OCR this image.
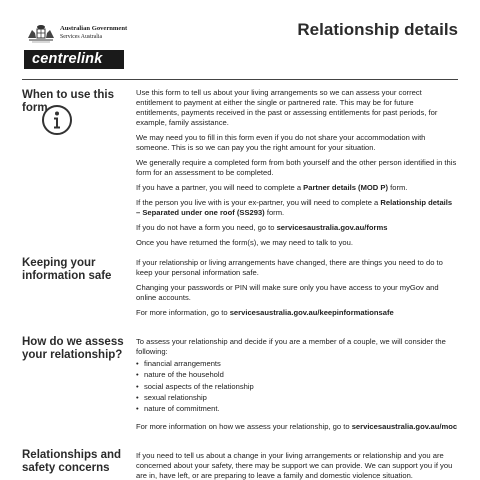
Australian Government
Services Australia
centrelink
Relationship details
When to use this form

Use this form to tell us about your living arrangements so we can assess your correct entitlement to payment at either the single or partnered rate. This may be for future entitlements, payments received in the past or assessing entitlements for past periods, for example, family assistance.

We may need you to fill in this form even if you do not share your accommodation with someone. This is so we can pay you the right amount for your situation.

We generally require a completed form from both yourself and the other person identified in this form for an assessment to be completed.

If you have a partner, you will need to complete a Partner details (MOD P) form.

If the person you live with is your ex-partner, you will need to complete a Relationship details – Separated under one roof (SS293) form.

If you do not have a form you need, go to servicesaustralia.gov.au/forms

Once you have returned the form(s), we may need to talk to you.

Keeping your information safe

If your relationship or living arrangements have changed, there are things you need to do to keep your personal information safe.

Changing your passwords or PIN will make sure only you have access to your myGov and online accounts.

For more information, go to servicesaustralia.gov.au/keepinformationsafe

How do we assess your relationship?

To assess your relationship and decide if you are a member of a couple, we will consider the following:

• financial arrangements
• nature of the household
• social aspects of the relationship
• sexual relationship
• nature of commitment.

For more information on how we assess your relationship, go to servicesaustralia.gov.au/moc

Relationships and safety concerns

If you need to tell us about a change in your living arrangements or relationship and you are concerned about your safety, there may be support we can provide. We can support you if you are in, have left, or are preparing to leave a family and domestic violence situation.
